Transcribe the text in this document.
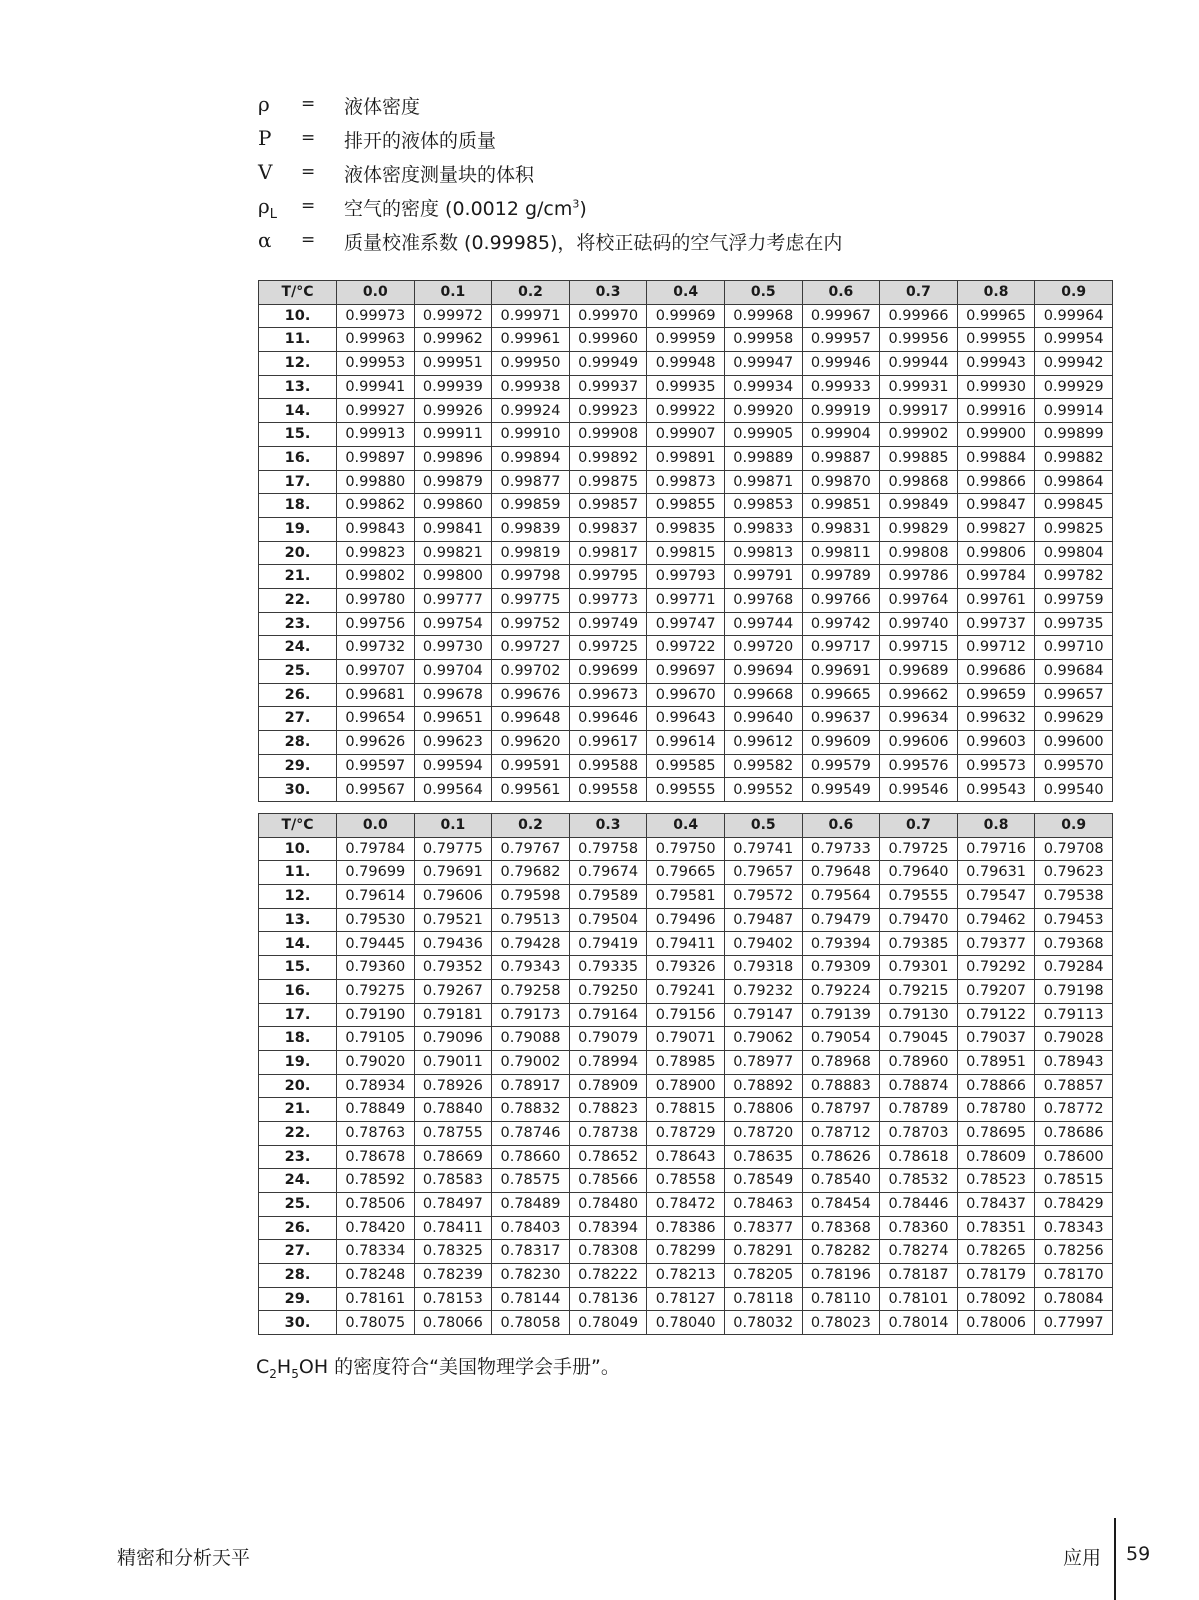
ρ	= 液体密度
P	= 排开的液体的质量
V	= 液体密度测量块的体积
$\rho_L$	= 空气的密度 (0.0012 $g/cm^3$)
α	= 质量校准系数 (0.99985)，将校正砝码的空气浮力考虑在内
T/°C	0.0	0.1	0.2	0.3	0.4	0.5	0.6	0.7	0.8	0.9
10.	0.99973	0.99972	0.99971	0.99970	0.99969	0.99968	0.99967	0.99966	0.99965	0.99964
11.	0.99963	0.99962	0.99961	0.99960	0.99959	0.99958	0.99957	0.99956	0.99955	0.99954
12.	0.99953	0.99951	0.99950	0.99949	0.99948	0.99947	0.99946	0.99944	0.99943	0.99942
13.	0.99941	0.99939	0.99938	0.99937	0.99935	0.99934	0.99933	0.99931	0.99930	0.99929
14.	0.99927	0.99926	0.99924	0.99923	0.99922	0.99920	0.99919	0.99917	0.99916	0.99914
15.	0.99913	0.99911	0.99910	0.99908	0.99907	0.99905	0.99904	0.99902	0.99900	0.99899
16.	0.99897	0.99896	0.99894	0.99892	0.99891	0.99889	0.99887	0.99885	0.99884	0.99882
17.	0.99880	0.99879	0.99877	0.99875	0.99873	0.99871	0.99870	0.99868	0.99866	0.99864
18.	0.99862	0.99860	0.99859	0.99857	0.99855	0.99853	0.99851	0.99849	0.99847	0.99845
19.	0.99843	0.99841	0.99839	0.99837	0.99835	0.99833	0.99831	0.99829	0.99827	0.99825
20.	0.99823	0.99821	0.99819	0.99817	0.99815	0.99813	0.99811	0.99808	0.99806	0.99804
21.	0.99802	0.99800	0.99798	0.99795	0.99793	0.99791	0.99789	0.99786	0.99784	0.99782
22.	0.99780	0.99777	0.99775	0.99773	0.99771	0.99768	0.99766	0.99764	0.99761	0.99759
23.	0.99756	0.99754	0.99752	0.99749	0.99747	0.99744	0.99742	0.99740	0.99737	0.99735
24.	0.99732	0.99730	0.99727	0.99725	0.99722	0.99720	0.99717	0.99715	0.99712	0.99710
25.	0.99707	0.99704	0.99702	0.99699	0.99697	0.99694	0.99691	0.99689	0.99686	0.99684
26.	0.99681	0.99678	0.99676	0.99673	0.99670	0.99668	0.99665	0.99662	0.99659	0.99657
27.	0.99654	0.99651	0.99648	0.99646	0.99643	0.99640	0.99637	0.99634	0.99632	0.99629
28.	0.99626	0.99623	0.99620	0.99617	0.99614	0.99612	0.99609	0.99606	0.99603	0.99600
29.	0.99597	0.99594	0.99591	0.99588	0.99585	0.99582	0.99579	0.99576	0.99573	0.99570
30.	0.99567	0.99564	0.99561	0.99558	0.99555	0.99552	0.99549	0.99546	0.99543	0.99540
T/°C	0.0	0.1	0.2	0.3	0.4	0.5	0.6	0.7	0.8	0.9
10.	0.79784	0.79775	0.79767	0.79758	0.79750	0.79741	0.79733	0.79725	0.79716	0.79708
11.	0.79699	0.79691	0.79682	0.79674	0.79665	0.79657	0.79648	0.79640	0.79631	0.79623
12.	0.79614	0.79606	0.79598	0.79589	0.79581	0.79572	0.79564	0.79555	0.79547	0.79538
13.	0.79530	0.79521	0.79513	0.79504	0.79496	0.79487	0.79479	0.79470	0.79462	0.79453
14.	0.79445	0.79436	0.79428	0.79419	0.79411	0.79402	0.79394	0.79385	0.79377	0.79368
15.	0.79360	0.79352	0.79343	0.79335	0.79326	0.79318	0.79309	0.79301	0.79292	0.79284
16.	0.79275	0.79267	0.79258	0.79250	0.79241	0.79232	0.79224	0.79215	0.79207	0.79198
17.	0.79190	0.79181	0.79173	0.79164	0.79156	0.79147	0.79139	0.79130	0.79122	0.79113
18.	0.79105	0.79096	0.79088	0.79079	0.79071	0.79062	0.79054	0.79045	0.79037	0.79028
19.	0.79020	0.79011	0.79002	0.78994	0.78985	0.78977	0.78968	0.78960	0.78951	0.78943
20.	0.78934	0.78926	0.78917	0.78909	0.78900	0.78892	0.78883	0.78874	0.78866	0.78857
21.	0.78849	0.78840	0.78832	0.78823	0.78815	0.78806	0.78797	0.78789	0.78780	0.78772
22.	0.78763	0.78755	0.78746	0.78738	0.78729	0.78720	0.78712	0.78703	0.78695	0.78686
23.	0.78678	0.78669	0.78660	0.78652	0.78643	0.78635	0.78626	0.78618	0.78609	0.78600
24.	0.78592	0.78583	0.78575	0.78566	0.78558	0.78549	0.78540	0.78532	0.78523	0.78515
25.	0.78506	0.78497	0.78489	0.78480	0.78472	0.78463	0.78454	0.78446	0.78437	0.78429
26.	0.78420	0.78411	0.78403	0.78394	0.78386	0.78377	0.78368	0.78360	0.78351	0.78343
27.	0.78334	0.78325	0.78317	0.78308	0.78299	0.78291	0.78282	0.78274	0.78265	0.78256
28.	0.78248	0.78239	0.78230	0.78222	0.78213	0.78205	0.78196	0.78187	0.78179	0.78170
29.	0.78161	0.78153	0.78144	0.78136	0.78127	0.78118	0.78110	0.78101	0.78092	0.78084
30.	0.78075	0.78066	0.78058	0.78049	0.78040	0.78032	0.78023	0.78014	0.78006	0.77997
$C_2H_5OH$ 的密度符合“美国物理学会手册”。
精密和分析天平	应用 59
